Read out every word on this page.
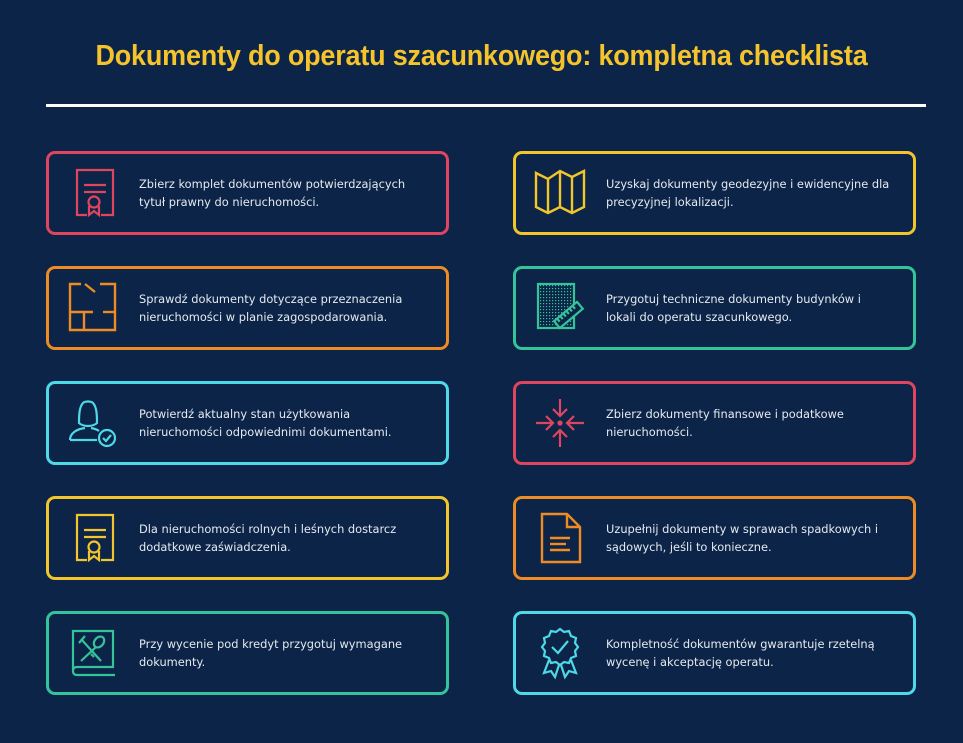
Dokumenty do operatu szacunkowego: kompletna checklista
Zbierz komplet dokumentów potwierdzających tytuł prawny do nieruchomości.
Sprawdź dokumenty dotyczące przeznaczenia nieruchomości w planie zagospodarowania.
Potwierdź aktualny stan użytkowania nieruchomości odpowiednimi dokumentami.
Dla nieruchomości rolnych i leśnych dostarcz dodatkowe zaświadczenia.
Przy wycenie pod kredyt przygotuj wymagane dokumenty.
Uzyskaj dokumenty geodezyjne i ewidencyjne dla precyzyjnej lokalizacji.
Przygotuj techniczne dokumenty budynków i lokali do operatu szacunkowego.
Zbierz dokumenty finansowe i podatkowe nieruchomości.
Uzupełnij dokumenty w sprawach spadkowych i sądowych, jeśli to konieczne.
Kompletność dokumentów gwarantuje rzetelną wycenę i akceptację operatu.
